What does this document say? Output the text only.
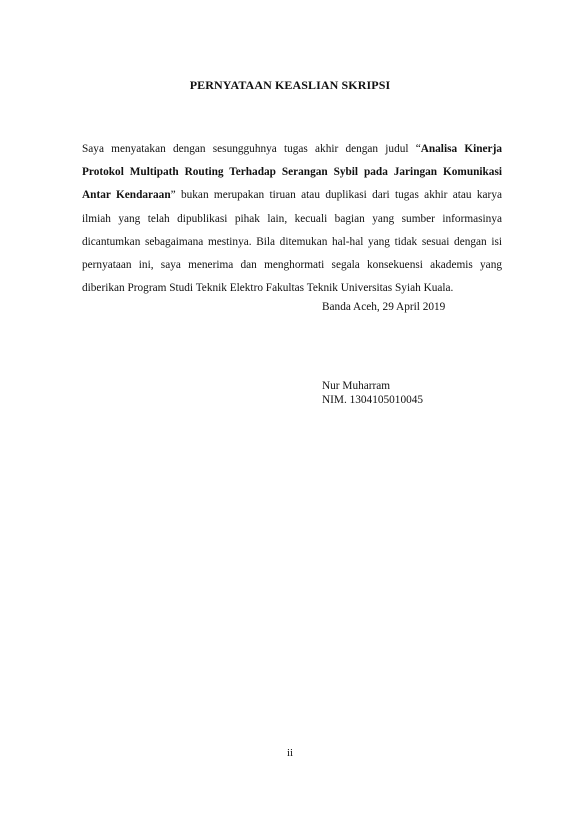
PERNYATAAN KEASLIAN SKRIPSI
Saya menyatakan dengan sesungguhnya tugas akhir dengan judul “Analisa Kinerja Protokol Multipath Routing Terhadap Serangan Sybil pada Jaringan Komunikasi Antar Kendaraan” bukan merupakan tiruan atau duplikasi dari tugas akhir atau karya ilmiah yang telah dipublikasi pihak lain, kecuali bagian yang sumber informasinya dicantumkan sebagaimana mestinya. Bila ditemukan hal-hal yang tidak sesuai dengan isi pernyataan ini, saya menerima dan menghormati segala konsekuensi akademis yang diberikan Program Studi Teknik Elektro Fakultas Teknik Universitas Syiah Kuala.
Banda Aceh, 29 April 2019
Nur Muharram
NIM. 1304105010045
ii
